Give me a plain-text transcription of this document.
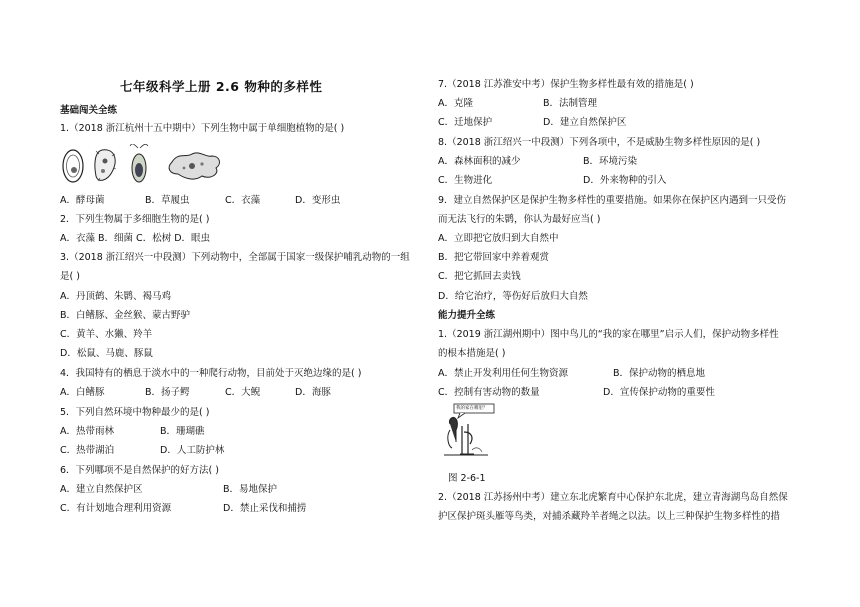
七年级科学上册 2.6 物种的多样性
基础闯关全练
1.（2018 浙江杭州十五中期中）下列生物中属于单细胞植物的是( )
A．酵母菌	B．草履虫	C．衣藻	D．变形虫
2．下列生物属于多细胞生物的是( )
A．衣藻 B．细菌 C．松树 D．眼虫
3.（2018 浙江绍兴一中段测）下列动物中，全部属于国家一级保护哺乳动物的一组
是( )
A．丹顶鹤、朱鹮、褐马鸡
B．白鳍豚、金丝猴、蒙古野驴
C．黄羊、水獭、羚羊
D．松鼠、马鹿、豚鼠
4．我国特有的栖息于淡水中的一种爬行动物，目前处于灭绝边缘的是( )
A．白鳍豚	B．扬子鳄	C．大鲵	D．海豚
5．下列自然环境中物种最少的是( )
A．热带雨林	B．珊瑚礁
C．热带湖泊	D．人工防护林
6．下列哪项不是自然保护的好方法( )
A．建立自然保护区	B．易地保护
C．有计划地合理利用资源	D．禁止采伐和捕捞
7.（2018 江苏淮安中考）保护生物多样性最有效的措施是( )
A．克隆	B．法制管理
C．迁地保护	D．建立自然保护区
8.（2018 浙江绍兴一中段测）下列各项中，不是威胁生物多样性原因的是( )
A．森林面积的减少	B．环境污染
C．生物进化	D．外来物种的引入
9．建立自然保护区是保护生物多样性的重要措施。如果你在保护区内遇到一只受伤
而无法飞行的朱鹮，你认为最好应当( )
A．立即把它放归到大自然中
B．把它带回家中养着观赏
C．把它抓回去卖钱
D．给它治疗，等伤好后放归大自然
能力提升全练
1.（2019 浙江湖州期中）图中鸟儿的“我的家在哪里”启示人们，保护动物多样性
的根本措施是( )
A．禁止开发利用任何生物资源	B．保护动物的栖息地
C．控制有害动物的数量	D．宣传保护动物的重要性
我的家在哪里？
图 2-6-1
2.（2018 江苏扬州中考）建立东北虎繁育中心保护东北虎，建立青海湖鸟岛自然保
护区保护斑头雁等鸟类，对捕杀藏羚羊者绳之以法。以上三种保护生物多样性的措
